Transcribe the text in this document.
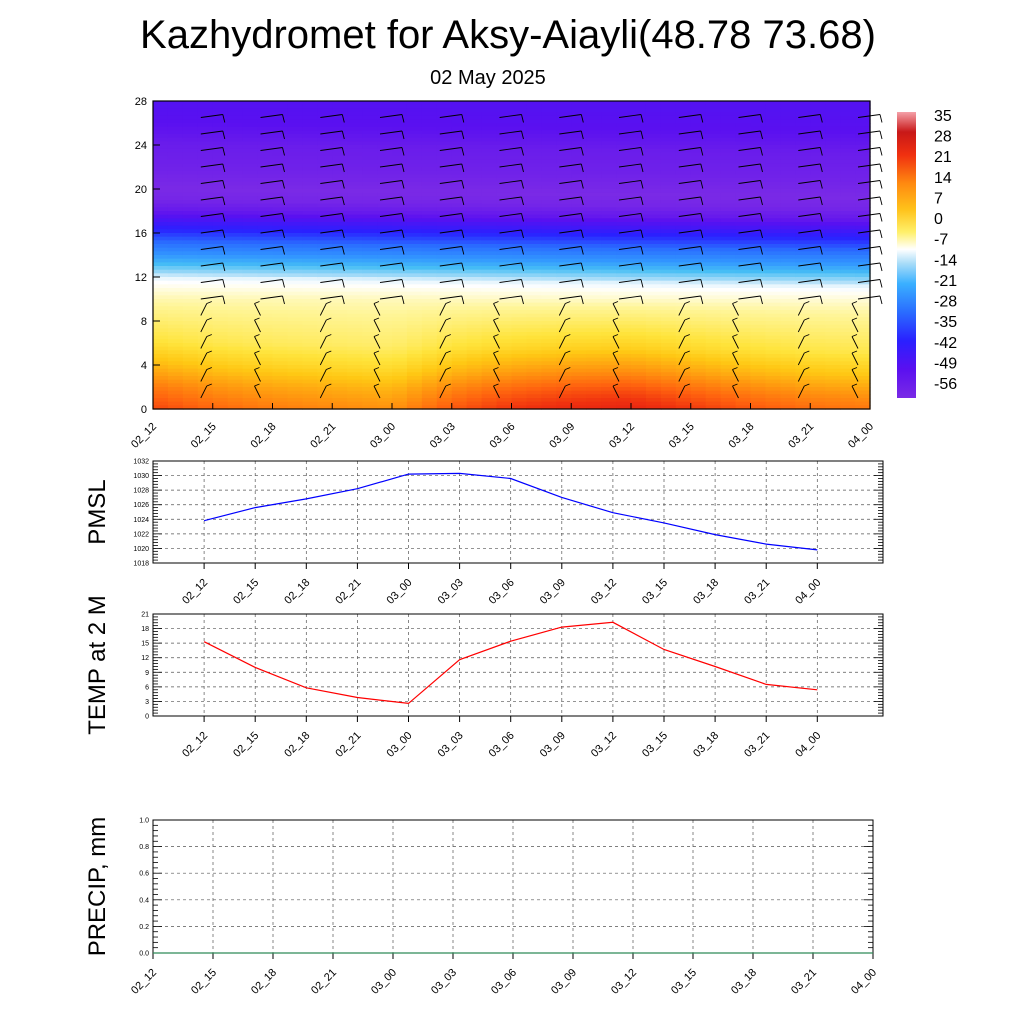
Kazhydromet for Aksy-Aiayli(48.78 73.68)
02 May 2025
0
4
8
12
16
20
24
28
02_12	02_15	02_18	02_21	03_00	03_03	03_06	03_09	03_12	03_15	03_18	03_21	04_00
35
28
21
14
7
0
-7
-14
-21
-28
-35
-42
-49
-56
1018
1020
1022
1024
1026
1028
1030
1032
02_12 02_15 02_18 02_21 03_00 03_03 03_06 03_09 03_12 03_15 03_18 03_21 04_00
PMSL
0
3
6
9
12
15
18
21
02_12 02_15 02_18 02_21 03_00 03_03 03_06 03_09 03_12 03_15 03_18 03_21 04_00
TEMP at 2 M
0.0
0.2
0.4
0.6
0.8
1.0
02_12	02_15	02_18	02_21	03_00	03_03	03_06	03_09	03_12	03_15	03_18	03_21	04_00
PRECIP, mm
